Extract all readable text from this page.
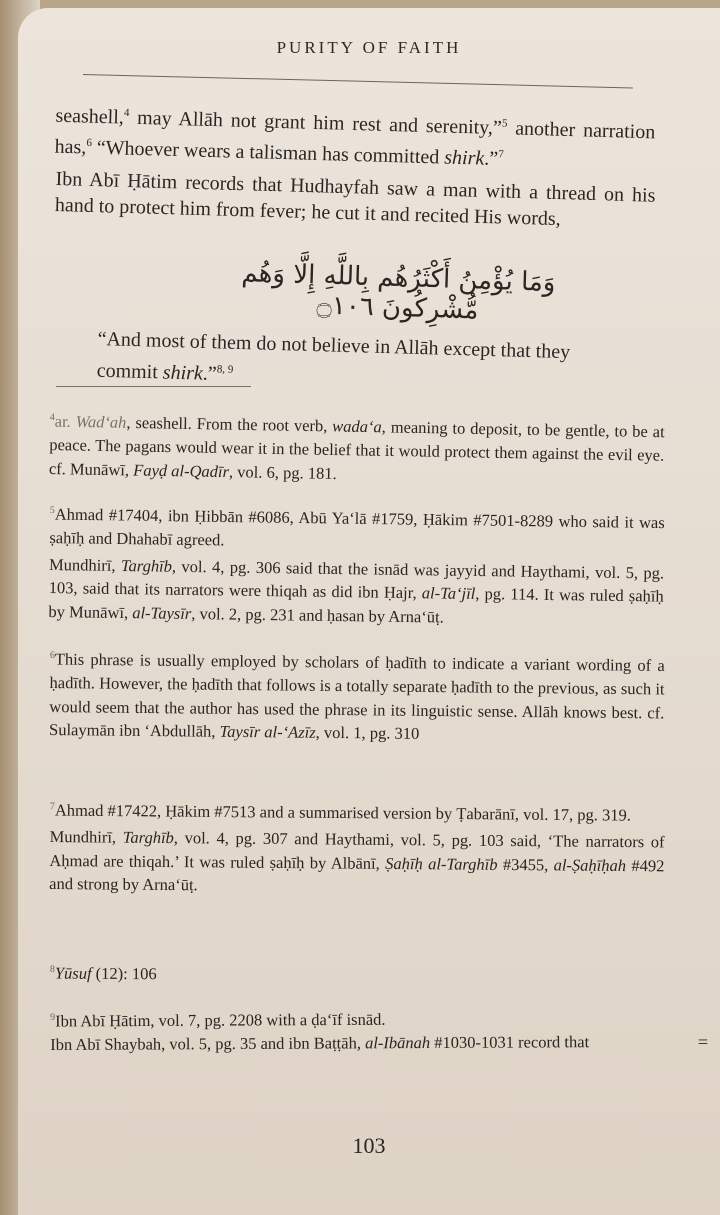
PURITY OF FAITH
seashell,$^4$ may Allāh not grant him rest and serenity,”$^5$ another narration has,$^6$ “Whoever wears a talisman has committed shirk.”$^7$
Ibn Abī Ḥātim records that Hudhayfah saw a man with a thread on his hand to protect him from fever; he cut it and recited His words,
وَمَا يُؤْمِنُ أَكْثَرُهُم بِاللَّهِ إِلَّا وَهُم مُّشْرِكُونَ ۝١٠٦
“And most of them do not believe in Allāh except that they commit shirk.”$^{8, 9}$
$^4$ar. Wad‘ah, seashell. From the root verb, wada‘a, meaning to deposit, to be gentle, to be at peace. The pagans would wear it in the belief that it would protect them against the evil eye. cf. Munāwī, Fayḍ al-Qadīr, vol. 6, pg. 181.
$^5$Ahmad #17404, ibn Ḥibbān #6086, Abū Ya‘lā #1759, Ḥākim #7501-8289 who said it was ṣaḥīḥ and Dhahabī agreed.
Mundhirī, Targhīb, vol. 4, pg. 306 said that the isnād was jayyid and Haythami, vol. 5, pg. 103, said that its narrators were thiqah as did ibn Ḥajr, al-Ta‘jīl, pg. 114. It was ruled ṣaḥīḥ by Munāwī, al-Taysīr, vol. 2, pg. 231 and ḥasan by Arna‘ūṭ.
$^6$This phrase is usually employed by scholars of ḥadīth to indicate a variant wording of a ḥadīth. However, the ḥadīth that follows is a totally separate ḥadīth to the previous, as such it would seem that the author has used the phrase in its linguistic sense. Allāh knows best. cf. Sulaymān ibn ‘Abdullāh, Taysīr al-‘Azīz, vol. 1, pg. 310
$^7$Ahmad #17422, Ḥākim #7513 and a summarised version by Ṭabarānī, vol. 17, pg. 319.
Mundhirī, Targhīb, vol. 4, pg. 307 and Haythami, vol. 5, pg. 103 said, ‘The narrators of Aḥmad are thiqah.’ It was ruled ṣaḥīḥ by Albānī, Ṣaḥīḥ al-Targhīb #3455, al-Ṣaḥīḥah #492 and strong by Arna‘ūṭ.
$^8$Yūsuf (12): 106
$^9$Ibn Abī Ḥātim, vol. 7, pg. 2208 with a ḍa‘īf isnād.
Ibn Abī Shaybah, vol. 5, pg. 35 and ibn Baṭṭāh, al-Ibānah #1030-1031 record that	=
103
